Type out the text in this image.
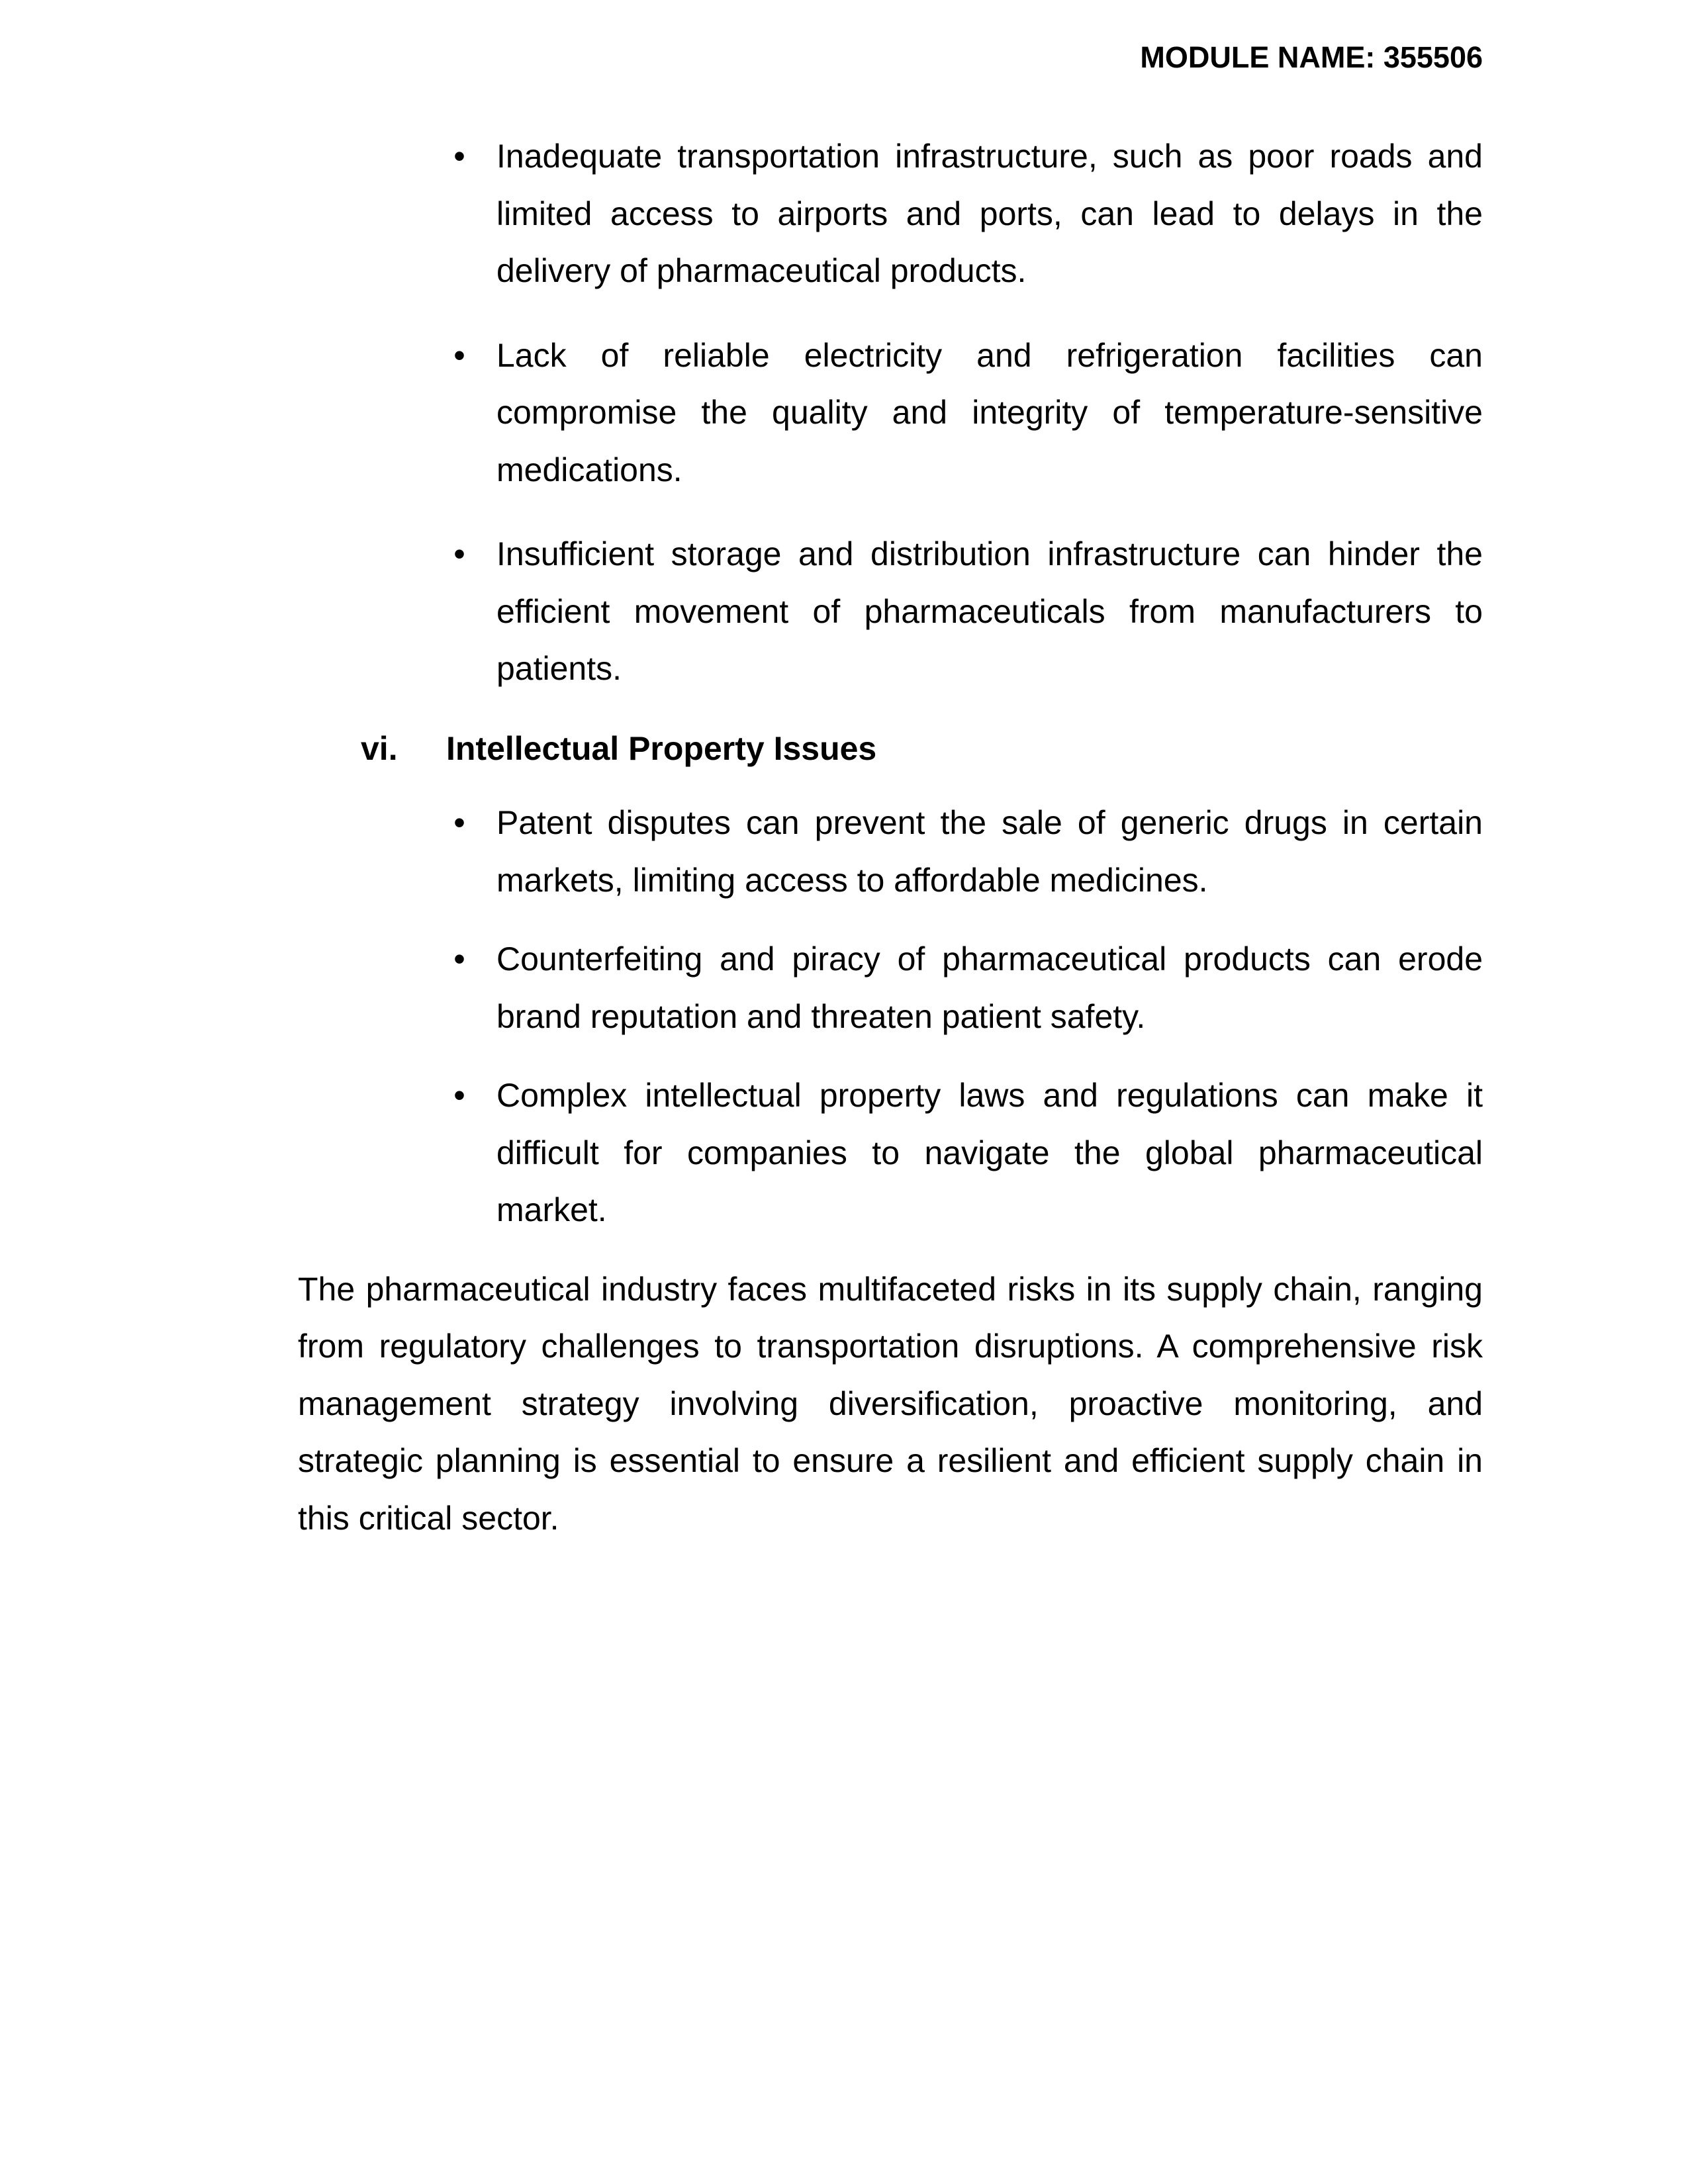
MODULE NAME: 355506
• Inadequate transportation infrastructure, such as poor roads and limited access to airports and ports, can lead to delays in the delivery of pharmaceutical products.
• Lack of reliable electricity and refrigeration facilities can compromise the quality and integrity of temperature-sensitive medications.
• Insufficient storage and distribution infrastructure can hinder the efficient movement of pharmaceuticals from manufacturers to patients.
vi. Intellectual Property Issues
• Patent disputes can prevent the sale of generic drugs in certain markets, limiting access to affordable medicines.
• Counterfeiting and piracy of pharmaceutical products can erode brand reputation and threaten patient safety.
• Complex intellectual property laws and regulations can make it difficult for companies to navigate the global pharmaceutical market.

The pharmaceutical industry faces multifaceted risks in its supply chain, ranging from regulatory challenges to transportation disruptions. A comprehensive risk management strategy involving diversification, proactive monitoring, and strategic planning is essential to ensure a resilient and efficient supply chain in this critical sector.
